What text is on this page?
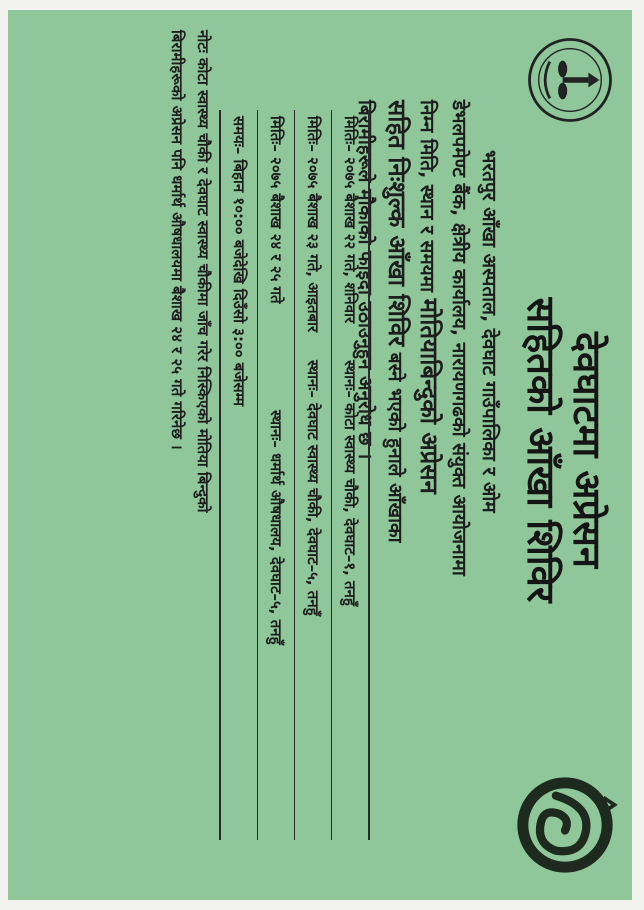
देवघाटमा अप्रेसन
सहितको आँखा शिविर
भरतपुर आँखा अस्पताल, देवघाट गाउँपालिका र ओम
डेभलपमेण्ट बैंक, क्षेत्रीय कार्यालय, नारायणगढको संयुक्त आयोजनामा
निम्न मिति, स्थान र समयमा मोतियाबिन्दुको अप्रेसन
सहित निःशुल्क आँखा शिविर बस्ने भएको हुनाले आँखाका
बिरामीहरूले मौकाको फाइदा उठाउनुहुन अनुरोध छ ।
मितिः– २०७५ बैशाख २२ गते, शनिवार
स्थानः– कोटा स्वास्थ्य चौकी, देवघाट–१, तनहुँ
मितिः– २०७५ बैशाख २३ गते, आइतबार
स्थानः– देवघाट स्वास्थ्य चौकी, देवघाट–५, तनहुँ
मितिः– २०७५ बैशाख २४ र २५ गते
स्थानः– धर्मार्थ औषधालय, देवघाट–५, तनहुँ
समयः– बिहान १०:०० बजेदेखि दिउँसो ३:०० बजेसम्म
नोटः कोटा स्वास्थ्य चौकी र देवघाट स्वास्थ्य चौकीमा जाँच गरेर निस्किएको मोतिया बिन्दुको
बिरामीहरूको अप्रेसन पनि धर्मार्थ औषधालयमा बैशाख २४ र २५ गते गरिनेछ ।
